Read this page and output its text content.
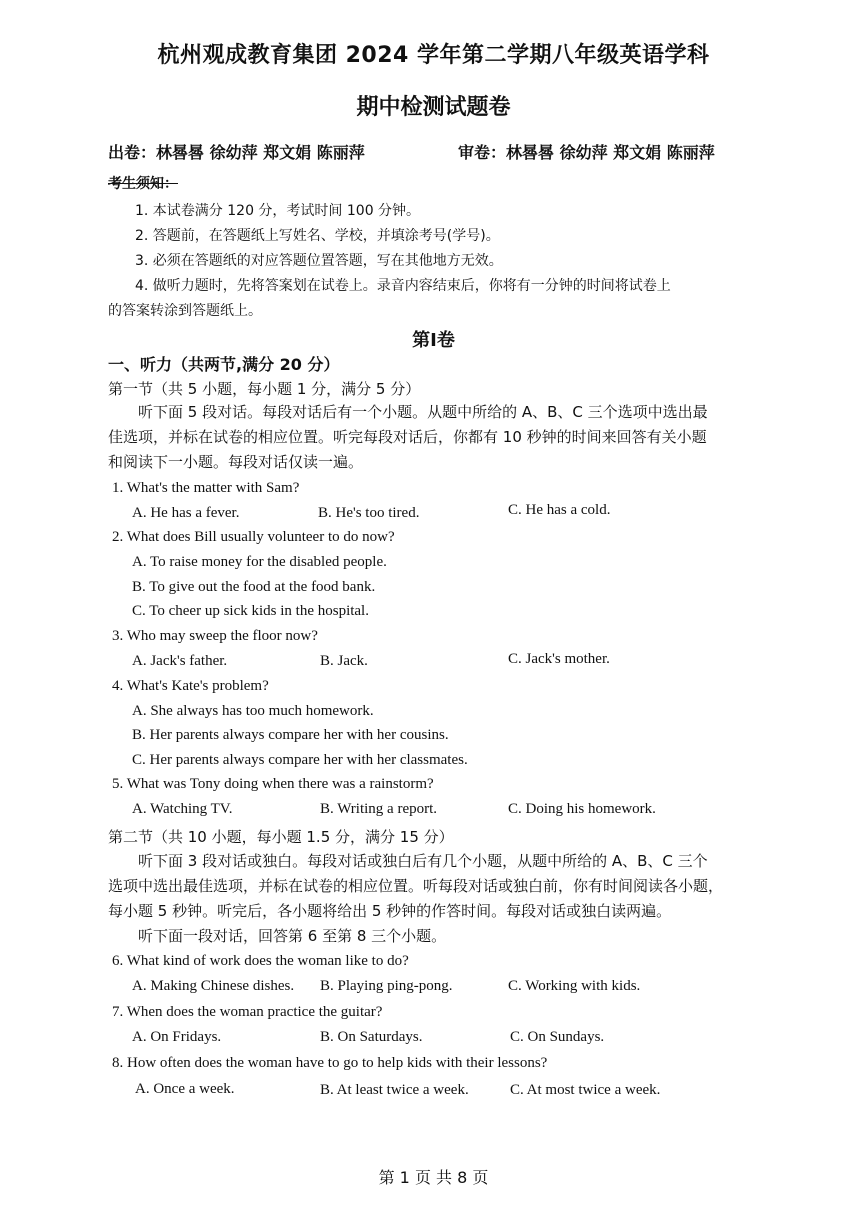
杭州观成教育集团 2024 学年第二学期八年级英语学科
期中检测试题卷
出卷：林晷晷 徐幼萍 郑文娟 陈丽萍	审卷：林晷晷 徐幼萍 郑文娟 陈丽萍
考生须知：
1. 本试卷满分 120 分，考试时间 100 分钟。
2. 答题前，在答题纸上写姓名、学校，并填涂考号(学号)。
3. 必须在答题纸的对应答题位置答题，写在其他地方无效。
4. 做听力题时，先将答案划在试卷上。录音内容结束后，你将有一分钟的时间将试卷上
的答案转涂到答题纸上。
第Ⅰ卷
一、听力（共两节,满分 20 分）
第一节（共 5 小题，每小题 1 分，满分 5 分）
听下面 5 段对话。每段对话后有一个小题。从题中所给的 A、B、C 三个选项中选出最
佳选项，并标在试卷的相应位置。听完每段对话后，你都有 10 秒钟的时间来回答有关小题
和阅读下一小题。每段对话仅读一遍。
1. What's the matter with Sam?
A. He has a fever.	B. He's too tired.	C. He has a cold.
2. What does Bill usually volunteer to do now?
A. To raise money for the disabled people.
B. To give out the food at the food bank.
C. To cheer up sick kids in the hospital.
3. Who may sweep the floor now?
A. Jack's father.	B. Jack.	C. Jack's mother.
4. What's Kate's problem?
A. She always has too much homework.
B. Her parents always compare her with her cousins.
C. Her parents always compare her with her classmates.
5. What was Tony doing when there was a rainstorm?
A. Watching TV.	B. Writing a report.	C. Doing his homework.
第二节（共 10 小题，每小题 1.5 分，满分 15 分）
听下面 3 段对话或独白。每段对话或独白后有几个小题，从题中所给的 A、B、C 三个
选项中选出最佳选项，并标在试卷的相应位置。听每段对话或独白前，你有时间阅读各小题，
每小题 5 秒钟。听完后，各小题将给出 5 秒钟的作答时间。每段对话或独白读两遍。
听下面一段对话，回答第 6 至第 8 三个小题。
6. What kind of work does the woman like to do?
A. Making Chinese dishes. B. Playing ping-pong.	C. Working with kids.
7. When does the woman practice the guitar?
A. On Fridays.	B. On Saturdays.	C. On Sundays.
8. How often does the woman have to go to help kids with their lessons?
A. Once a week.	B. At least twice a week.	C. At most twice a week.
第 1 页 共 8 页
